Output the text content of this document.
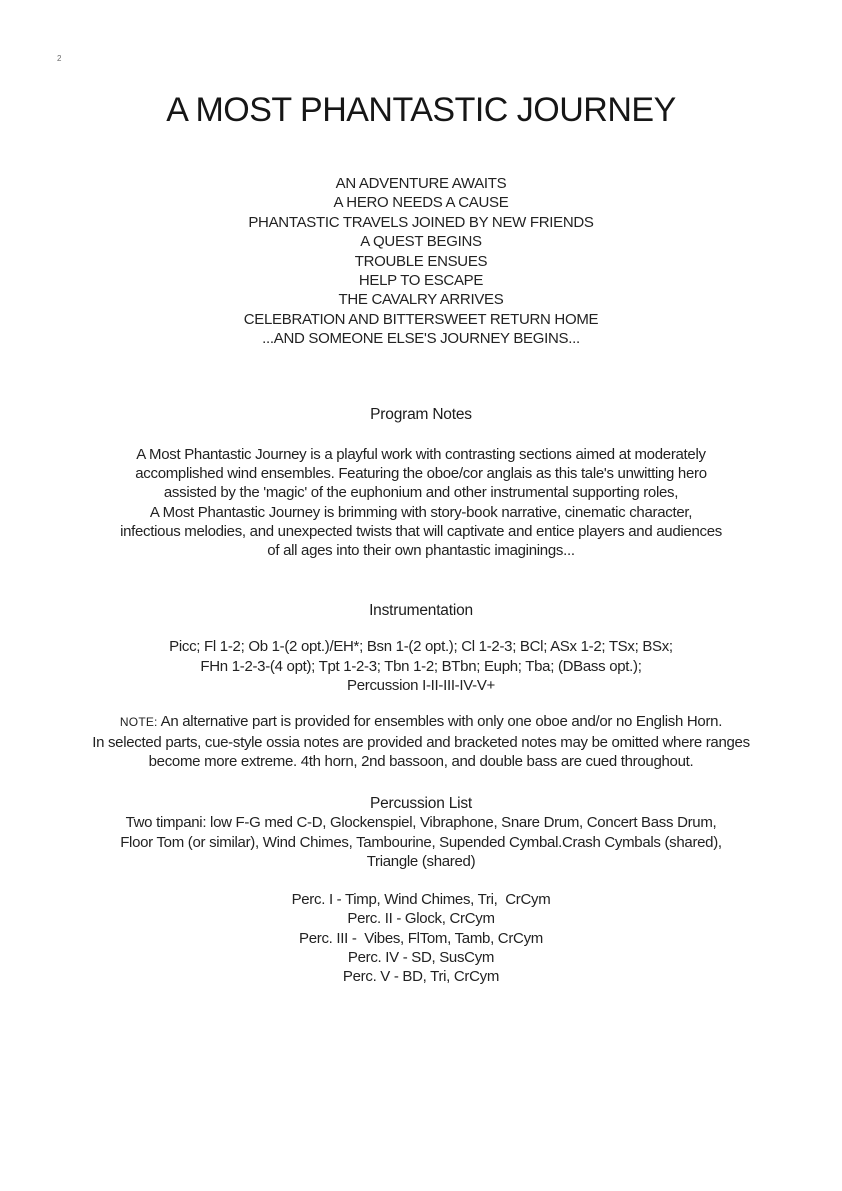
2
A MOST PHANTASTIC JOURNEY
AN ADVENTURE AWAITS
A HERO NEEDS A CAUSE
PHANTASTIC TRAVELS JOINED BY NEW FRIENDS
A QUEST BEGINS
TROUBLE ENSUES
HELP TO ESCAPE
THE CAVALRY ARRIVES
CELEBRATION AND BITTERSWEET RETURN HOME
...AND SOMEONE ELSE'S JOURNEY BEGINS...
Program Notes
A Most Phantastic Journey is a playful work with contrasting sections aimed at moderately
accomplished wind ensembles. Featuring the oboe/cor anglais as this tale's unwitting hero
assisted by the 'magic' of the euphonium and other instrumental supporting roles,
A Most Phantastic Journey is brimming with story-book narrative, cinematic character,
infectious melodies, and unexpected twists that will captivate and entice players and audiences
of all ages into their own phantastic imaginings...
Instrumentation
Picc; Fl 1-2; Ob 1-(2 opt.)/EH*; Bsn 1-(2 opt.); Cl 1-2-3; BCl; ASx 1-2; TSx; BSx;
FHn 1-2-3-(4 opt); Tpt 1-2-3; Tbn 1-2; BTbn; Euph; Tba; (DBass opt.);
Percussion I-II-III-IV-V+
NOTE: An alternative part is provided for ensembles with only one oboe and/or no English Horn.
In selected parts, cue-style ossia notes are provided and bracketed notes may be omitted where ranges
become more extreme. 4th horn, 2nd bassoon, and double bass are cued throughout.
Percussion List
Two timpani: low F-G med C-D, Glockenspiel, Vibraphone, Snare Drum, Concert Bass Drum,
Floor Tom (or similar), Wind Chimes, Tambourine, Supended Cymbal.Crash Cymbals (shared),
Triangle (shared)
Perc. I - Timp, Wind Chimes, Tri,  CrCym
Perc. II - Glock, CrCym
Perc. III -  Vibes, FlTom, Tamb, CrCym
Perc. IV - SD, SusCym
Perc. V - BD, Tri, CrCym
